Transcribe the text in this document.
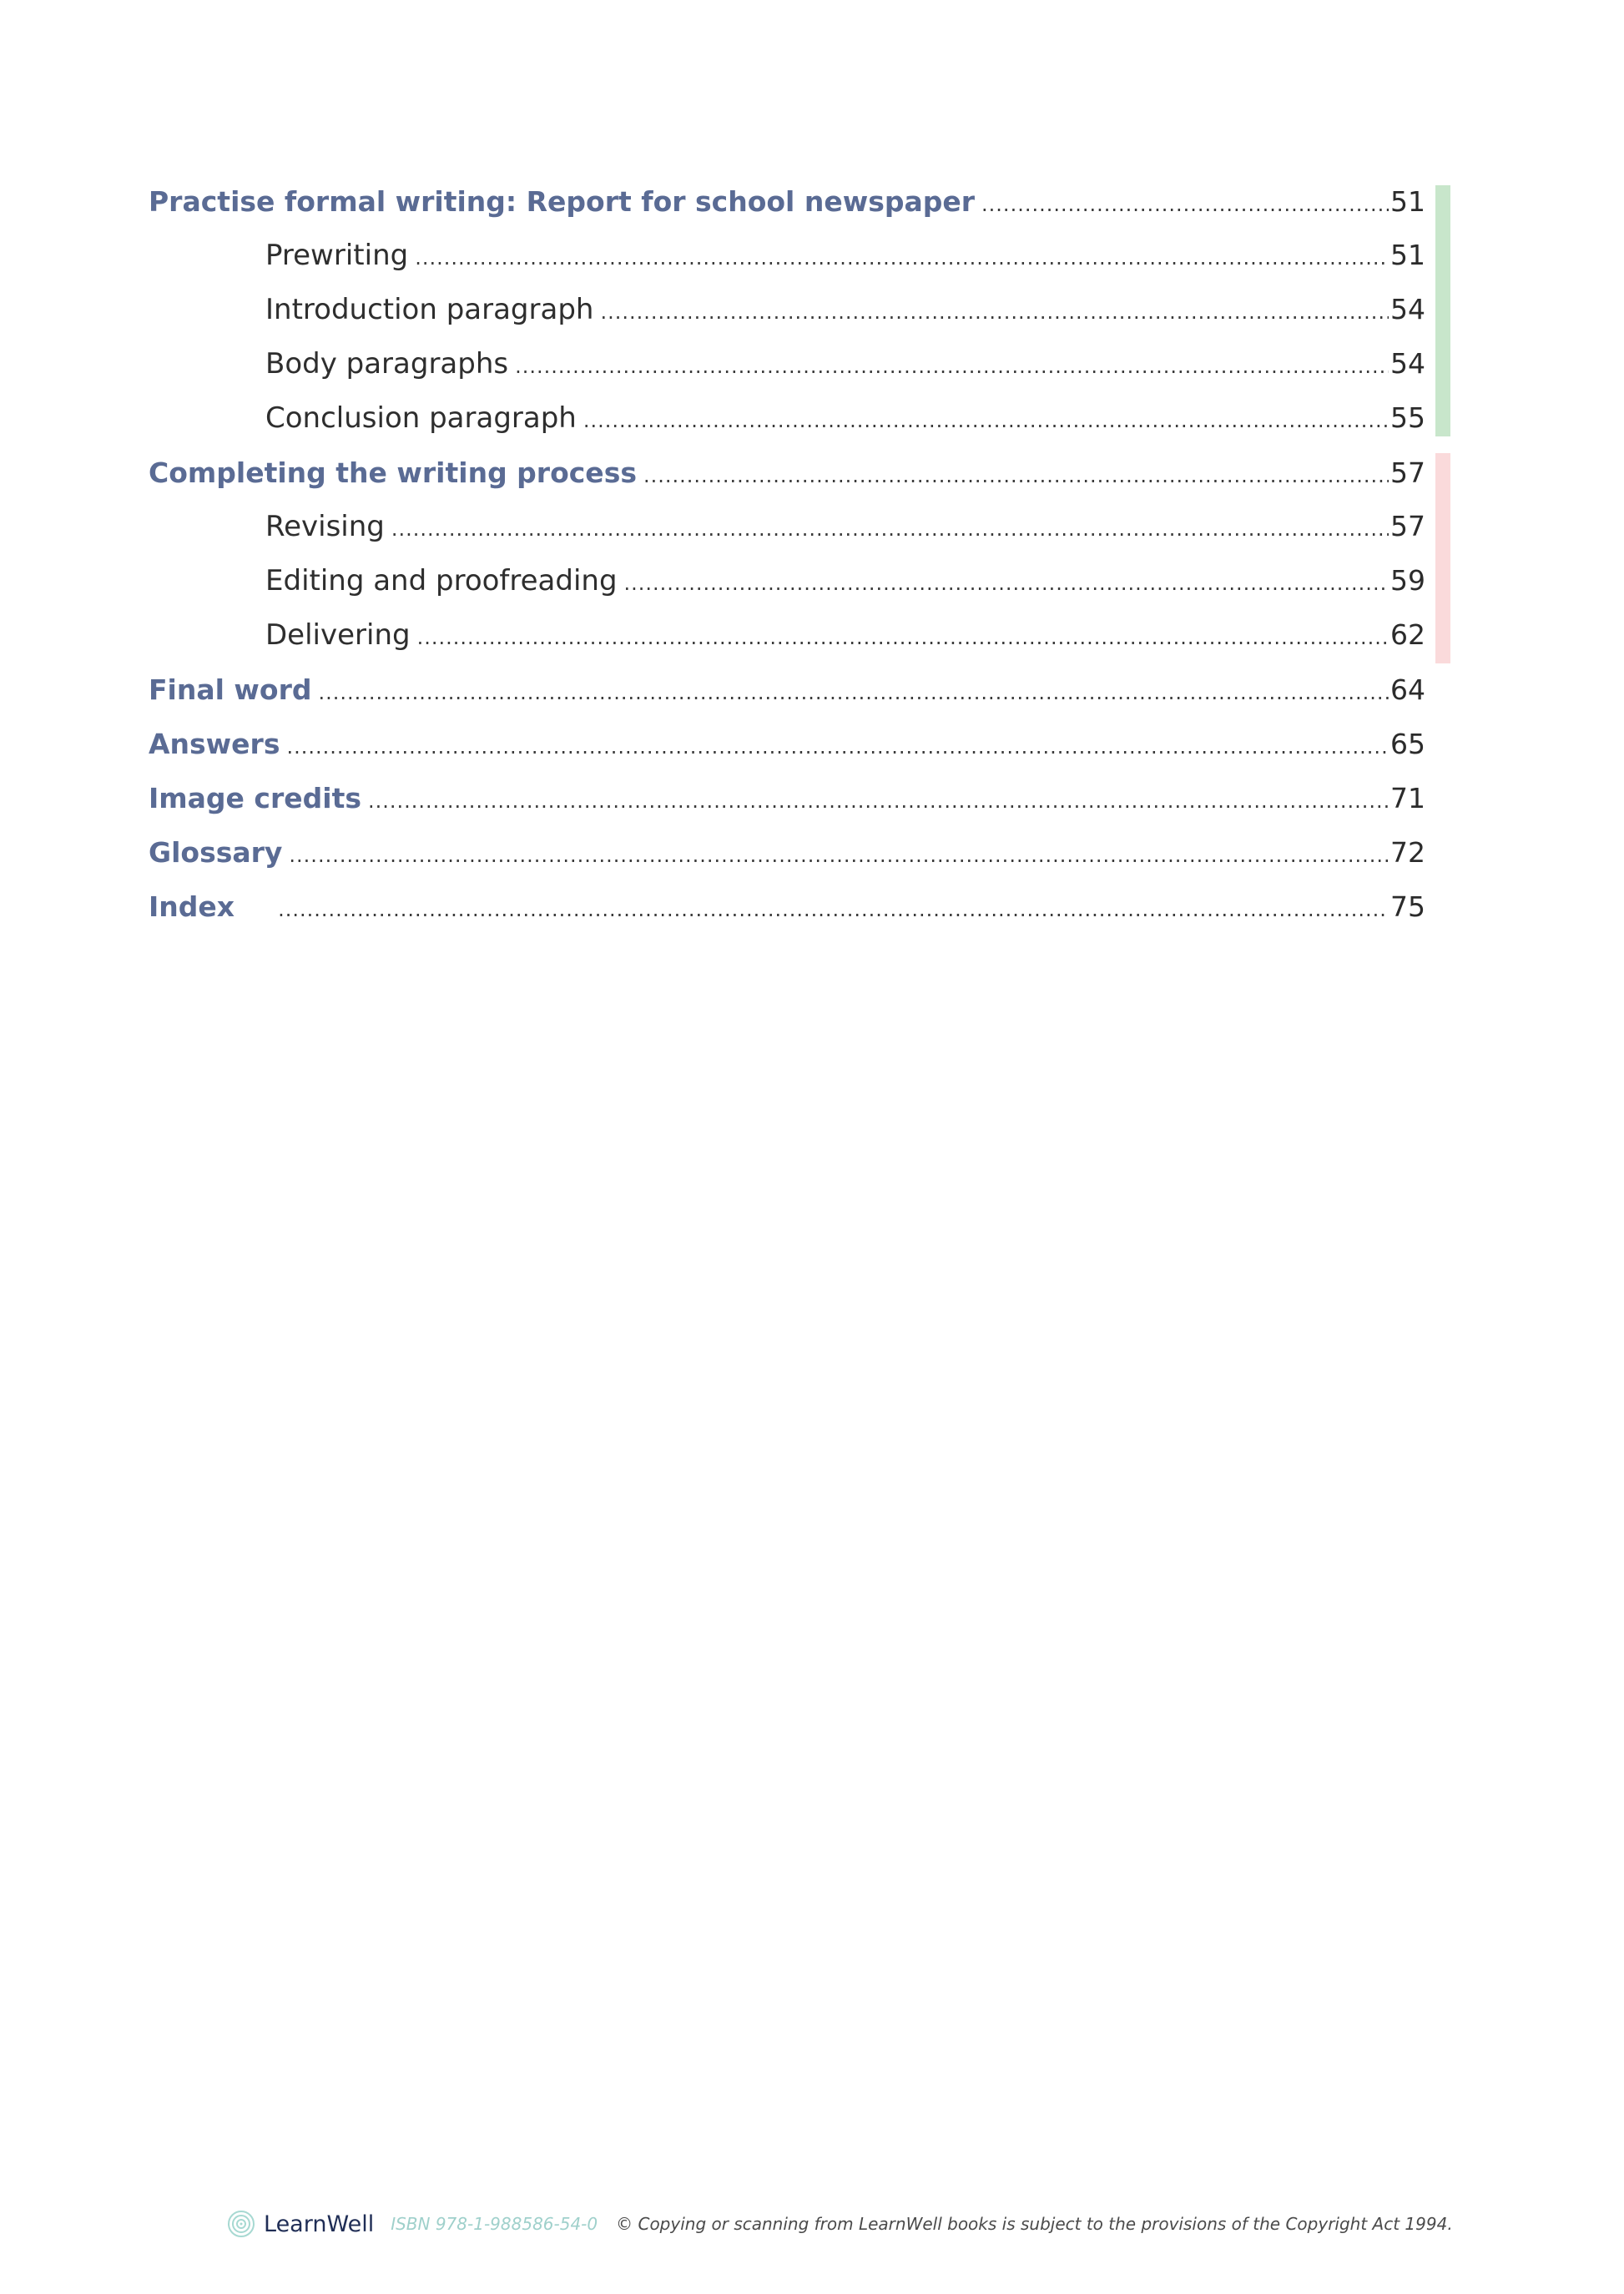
Practise formal writing: Report for school newspaper .....	51
Prewriting .....	51
Introduction paragraph .....	54
Body paragraphs .....	54
Conclusion paragraph .....	55
Completing the writing process .....	57
Revising .....	57
Editing and proofreading .....	59
Delivering .....	62
Final word .....	64
Answers .....	65
Image credits .....	71
Glossary .....	72
Index .....	75
LearnWell ISBN 978-1-988586-54-0 © Copying or scanning from LearnWell books is subject to the provisions of the Copyright Act 1994.
